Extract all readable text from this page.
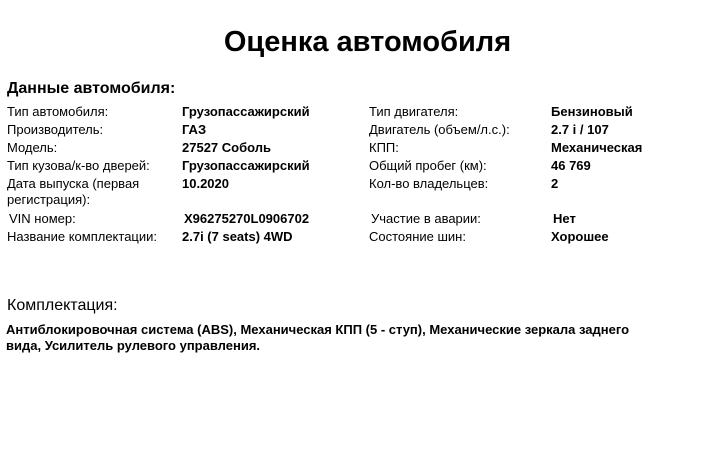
Оценка автомобиля
Данные автомобиля:
Тип автомобиля:	Грузопассажирский	Тип двигателя:	Бензиновый
Производитель:	ГАЗ	Двигатель (объем/л.с.):	2.7 i / 107
Модель:	27527 Соболь	КПП:	Механическая
Тип кузова/к-во дверей: Грузопассажирский	Общий пробег (км):	46 769
Дата выпуска (первая регистрация):
10.2020	Кол-во владельцев:	2
VIN номер:	X96275270L0906702	Участие в аварии:	Нет
Название комплектации: 2.7i (7 seats) 4WD	Состояние шин:	Хорошее
Комплектация:
Антиблокировочная система (ABS), Механическая КПП (5 - ступ), Механические зеркала заднего вида, Усилитель рулевого управления.
